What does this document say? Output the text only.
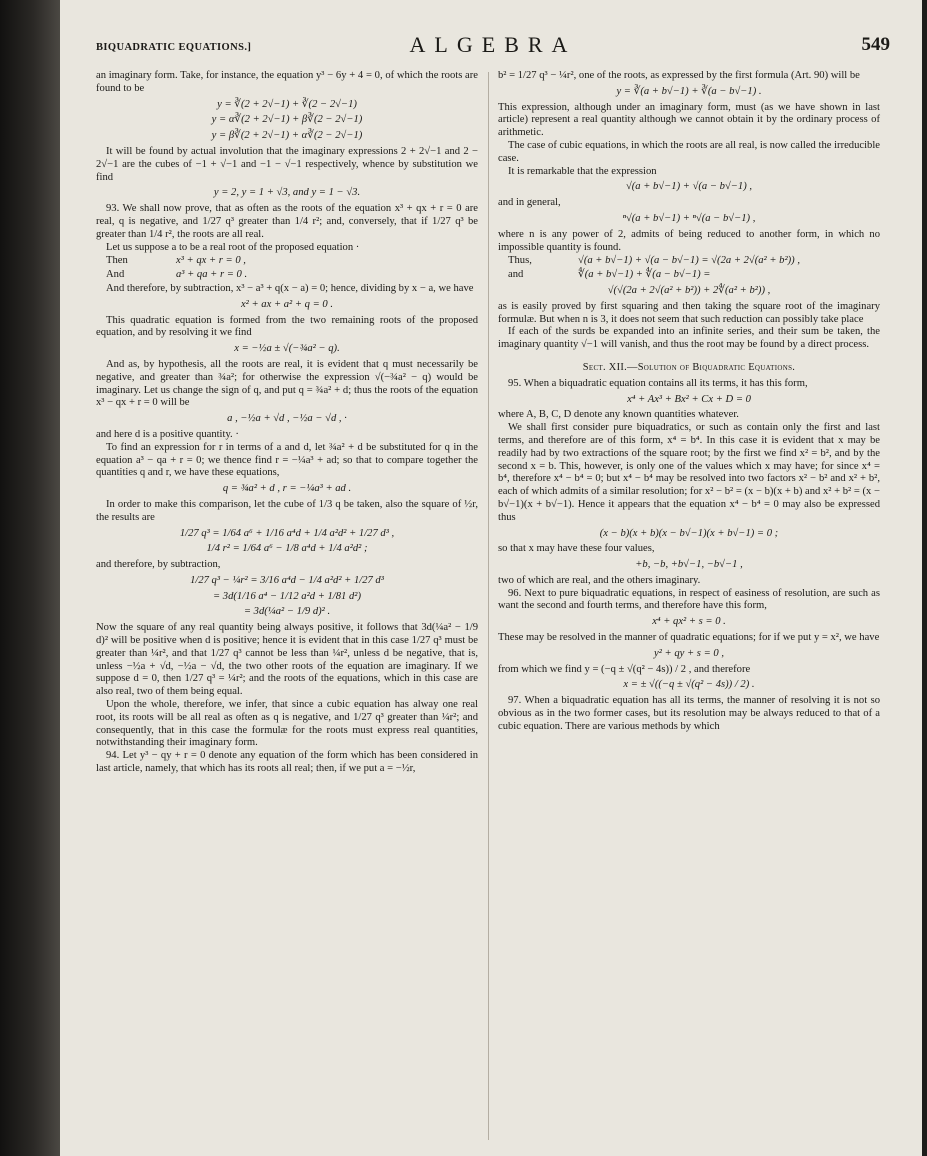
BIQUADRATIC EQUATIONS.]	ALGEBRA	549

an imaginary form. Take, for instance, the equation y³ − 6y + 4 = 0, of which the roots are found to be

y = ∛(2 + 2√−1) + ∛(2 − 2√−1)
y = α∛(2 + 2√−1) + β∛(2 − 2√−1)
y = β∛(2 + 2√−1) + α∛(2 − 2√−1)

It will be found by actual involution that the imaginary expressions 2 + 2√−1 and 2 − 2√−1 are the cubes of −1 + √−1 and −1 − √−1 respectively, whence by substitution we find

y = 2, y = 1 + √3, and y = 1 − √3.

93. We shall now prove, that as often as the roots of the equation x³ + qx + r = 0 are real, q is negative, and 1/27 q³ greater than 1/4 r²; and, conversely, that if 1/27 q³ be greater than 1/4 r², the roots are all real.

Let us suppose a to be a real root of the proposed equation ·

Then	x³ + qx + r = 0 ,
And	a³ + qa + r = 0 .

And therefore, by subtraction, x³ − a³ + q(x − a) = 0; hence, dividing by x − a, we have

x² + ax + a² + q = 0 .

This quadratic equation is formed from the two remaining roots of the proposed equation, and by resolving it we find

x = −½a ± √(−¾a² − q).

And as, by hypothesis, all the roots are real, it is evident that q must necessarily be negative, and greater than ¾a²; for otherwise the expression √(−¾a² − q) would be imaginary. Let us change the sign of q, and put q = ¾a² + d; thus the roots of the equation x³ − qx + r = 0 will be

a , −½a + √d , −½a − √d , ·

and here d is a positive quantity. ·

To find an expression for r in terms of a and d, let ¾a² + d be substituted for q in the equation a³ − qa + r = 0; we thence find r = −¼a³ + ad; so that to compare together the quantities q and r, we have these equations,

q = ¾a² + d , r = −¼a³ + ad .

In order to make this comparison, let the cube of 1/3 q be taken, also the square of ½r, the results are

1/27 q³ = 1/64 a⁶ + 1/16 a⁴d + 1/4 a²d² + 1/27 d³ ,
1/4 r² = 1/64 a⁶ − 1/8 a⁴d + 1/4 a²d² ;

and therefore, by subtraction,

1/27 q³ − ¼r² = 3/16 a⁴d − 1/4 a²d² + 1/27 d³
= 3d(1/16 a⁴ − 1/12 a²d + 1/81 d²)
= 3d(¼a² − 1/9 d)² .

Now the square of any real quantity being always positive, it follows that 3d(¼a² − 1/9 d)² will be positive when d is positive; hence it is evident that in this case 1/27 q³ must be greater than ¼r², and that 1/27 q³ cannot be less than ¼r², unless d be negative, that is, unless −½a + √d, −½a − √d, the two other roots of the equation are imaginary. If we suppose d = 0, then 1/27 q³ = ¼r²; and the roots of the equations, which in this case are also real, two of them being equal.

Upon the whole, therefore, we infer, that since a cubic equation has alway one real root, its roots will be all real as often as q is negative, and 1/27 q³ greater than ¼r²; and consequently, that in this case the formulæ for the roots must express real quantities, notwithstanding their imaginary form.

94. Let y³ − qy + r = 0 denote any equation of the form which has been considered in last article, namely, that which has its roots all real; then, if we put a = −½r,

b² = 1/27 q³ − ¼r², one of the roots, as expressed by the first formula (Art. 90) will be

y = ∛(a + b√−1) + ∛(a − b√−1) .

This expression, although under an imaginary form, must (as we have shown in last article) represent a real quantity although we cannot obtain it by the ordinary process of arithmetic.

The case of cubic equations, in which the roots are all real, is now called the irreducible case.

It is remarkable that the expression

√(a + b√−1) + √(a − b√−1) ,

and in general,

ⁿ√(a + b√−1) + ⁿ√(a − b√−1) ,

where n is any power of 2, admits of being reduced to another form, in which no impossible quantity is found.

Thus,	√(a + b√−1) + √(a − b√−1) = √(2a + 2√(a² + b²)) ,
and	∜(a + b√−1) + ∜(a − b√−1) =
√(√(2a + 2√(a² + b²)) + 2∜(a² + b²)) ,

as is easily proved by first squaring and then taking the square root of the imaginary formulæ. But when n is 3, it does not seem that such reduction can possibly take place

If each of the surds be expanded into an infinite series, and their sum be taken, the imaginary quantity √−1 will vanish, and thus the root may be found by a direct process.

Sect. XII.—Solution of Biquadratic Equations.

95. When a biquadratic equation contains all its terms, it has this form,

x⁴ + Ax³ + Bx² + Cx + D = 0

where A, B, C, D denote any known quantities whatever.

We shall first consider pure biquadratics, or such as contain only the first and last terms, and therefore are of this form, x⁴ = b⁴. In this case it is evident that x may be readily had by two extractions of the square root; by the first we find x² = b², and by the second x = b. This, however, is only one of the values which x may have; for since x⁴ = b⁴, therefore x⁴ − b⁴ = 0; but x⁴ − b⁴ may be resolved into two factors x² − b² and x² + b², each of which admits of a similar resolution; for x² − b² = (x − b)(x + b) and x² + b² = (x − b√−1)(x + b√−1). Hence it appears that the equation x⁴ − b⁴ = 0 may also be expressed thus

(x − b)(x + b)(x − b√−1)(x + b√−1) = 0 ;

so that x may have these four values,

+b, −b, +b√−1, −b√−1 ,

two of which are real, and the others imaginary.

96. Next to pure biquadratic equations, in respect of easiness of resolution, are such as want the second and fourth terms, and therefore have this form,

x⁴ + qx² + s = 0 .

These may be resolved in the manner of quadratic equations; for if we put y = x², we have

y² + qy + s = 0 ,

from which we find y = (−q ± √(q² − 4s)) / 2 , and therefore

x = ± √((−q ± √(q² − 4s)) / 2) .

97. When a biquadratic equation has all its terms, the manner of resolving it is not so obvious as in the two former cases, but its resolution may be always reduced to that of a cubic equation. There are various methods by which
